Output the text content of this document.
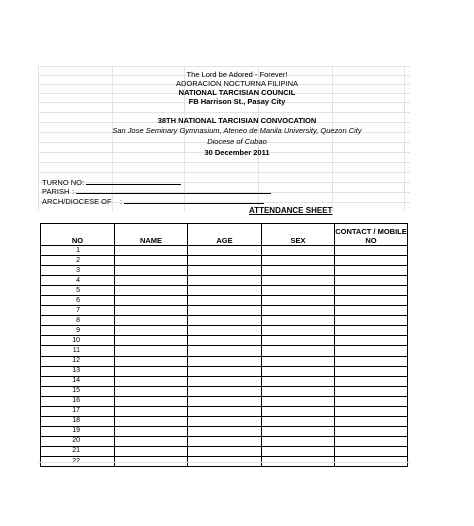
The Lord be Adored - Forever!
ADORACION NOCTURNA FILIPINA
NATIONAL TARCISIAN COUNCIL
FB Harrison St., Pasay City
38TH NATIONAL TARCISIAN CONVOCATION
San Jose Seminary Gymnasium, Ateneo de Manila University, Quezon City
Diocese of Cubao
30 December 2011
TURNO NO:
PARISH :
ARCH/DIOCESE OF :
ATTENDANCE SHEET
NO	NAME	AGE	SEX	CONTACT / MOBILE NO
1				
2				
3				
4				
5				
6				
7				
8				
9				
10				
11				
12				
13				
14				
15				
16				
17				
18				
19				
20				
21				
22				
